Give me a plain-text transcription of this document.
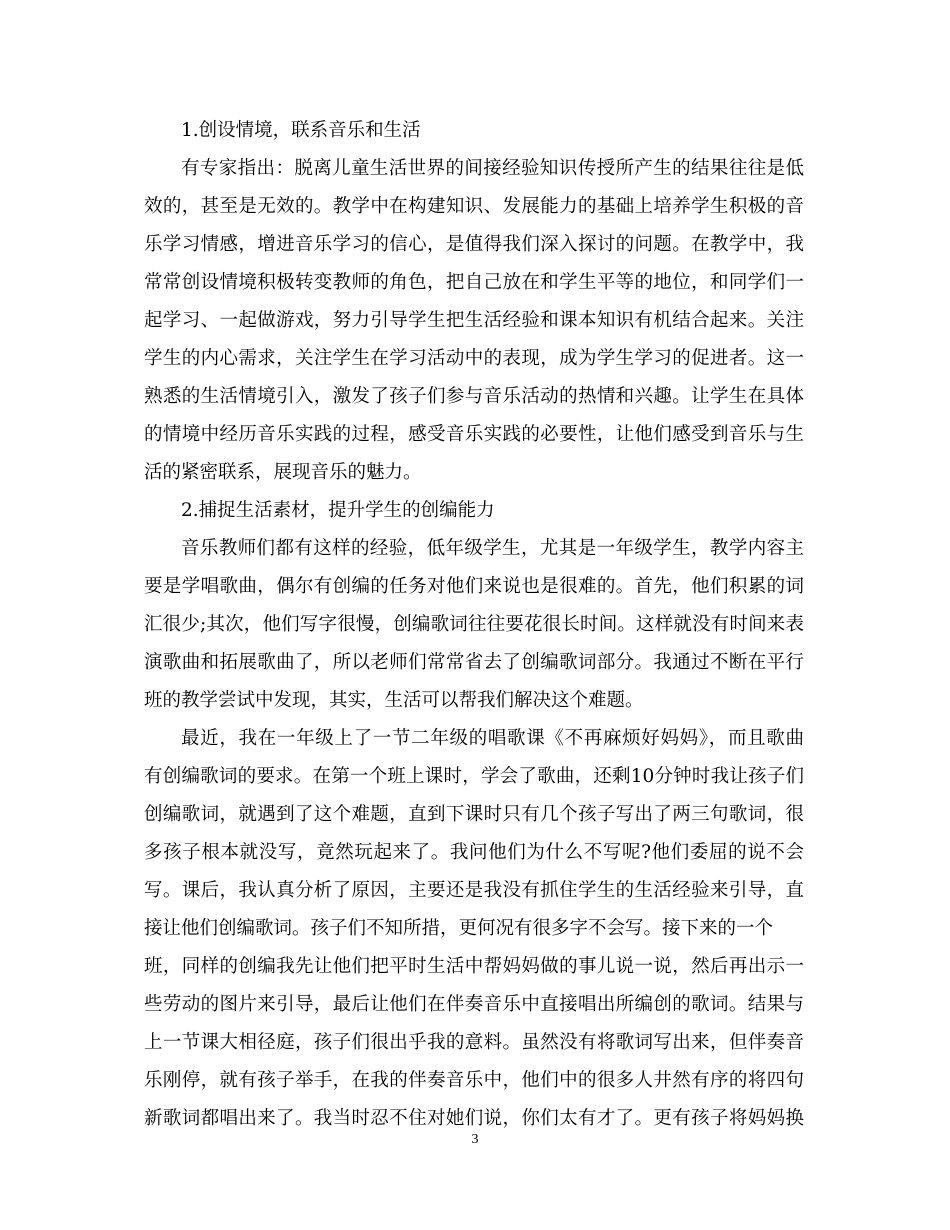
1.创设情境，联系音乐和生活
有专家指出：脱离儿童生活世界的间接经验知识传授所产生的结果往往是低
效的，甚至是无效的。教学中在构建知识、发展能力的基础上培养学生积极的音
乐学习情感，增进音乐学习的信心，是值得我们深入探讨的问题。在教学中，我
常常创设情境积极转变教师的角色，把自己放在和学生平等的地位，和同学们一
起学习、一起做游戏，努力引导学生把生活经验和课本知识有机结合起来。关注
学生的内心需求，关注学生在学习活动中的表现，成为学生学习的促进者。这一
熟悉的生活情境引入，激发了孩子们参与音乐活动的热情和兴趣。让学生在具体
的情境中经历音乐实践的过程，感受音乐实践的必要性，让他们感受到音乐与生
活的紧密联系，展现音乐的魅力。
2.捕捉生活素材，提升学生的创编能力
音乐教师们都有这样的经验，低年级学生，尤其是一年级学生，教学内容主
要是学唱歌曲，偶尔有创编的任务对他们来说也是很难的。首先，他们积累的词
汇很少;其次，他们写字很慢，创编歌词往往要花很长时间。这样就没有时间来表
演歌曲和拓展歌曲了，所以老师们常常省去了创编歌词部分。我通过不断在平行
班的教学尝试中发现，其实，生活可以帮我们解决这个难题。
最近，我在一年级上了一节二年级的唱歌课《不再麻烦好妈妈》，而且歌曲
有创编歌词的要求。在第一个班上课时，学会了歌曲，还剩10分钟时我让孩子们
创编歌词，就遇到了这个难题，直到下课时只有几个孩子写出了两三句歌词，很
多孩子根本就没写，竟然玩起来了。我问他们为什么不写呢?他们委屈的说不会
写。课后，我认真分析了原因，主要还是我没有抓住学生的生活经验来引导，直
接让他们创编歌词。孩子们不知所措，更何况有很多字不会写。接下来的一个
班，同样的创编我先让他们把平时生活中帮妈妈做的事儿说一说，然后再出示一
些劳动的图片来引导，最后让他们在伴奏音乐中直接唱出所编创的歌词。结果与
上一节课大相径庭，孩子们很出乎我的意料。虽然没有将歌词写出来，但伴奏音
乐刚停，就有孩子举手，在我的伴奏音乐中，他们中的很多人井然有序的将四句
新歌词都唱出来了。我当时忍不住对她们说，你们太有才了。更有孩子将妈妈换
3
